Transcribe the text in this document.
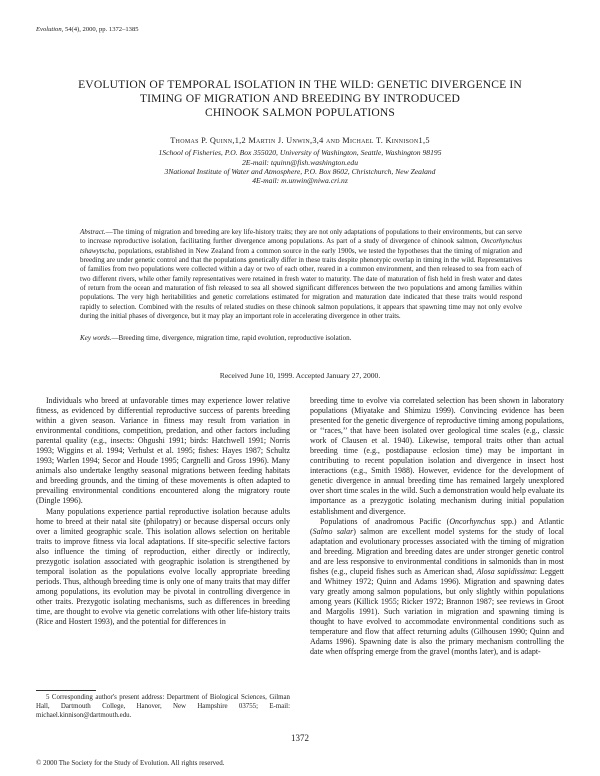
Evolution, 54(4), 2000, pp. 1372–1385
EVOLUTION OF TEMPORAL ISOLATION IN THE WILD: GENETIC DIVERGENCE IN
TIMING OF MIGRATION AND BREEDING BY INTRODUCED
CHINOOK SALMON POPULATIONS
Thomas P. Quinn,1,2 Martin J. Unwin,3,4 and Michael T. Kinnison1,5
1School of Fisheries, P.O. Box 355020, University of Washington, Seattle, Washington 98195
2E-mail: tquinn@fish.washington.edu
3National Institute of Water and Atmosphere, P.O. Box 8602, Christchurch, New Zealand
4E-mail: m.unwin@niwa.cri.nz
Abstract.—The timing of migration and breeding are key life-history traits; they are not only adaptations of populations to their environments, but can serve to increase reproductive isolation, facilitating further divergence among populations. As part of a study of divergence of chinook salmon, Oncorhynchus tshawytscha, populations, established in New Zealand from a common source in the early 1900s, we tested the hypotheses that the timing of migration and breeding are under genetic control and that the populations genetically differ in these traits despite phenotypic overlap in timing in the wild. Representatives of families from two populations were collected within a day or two of each other, reared in a common environment, and then released to sea from each of two different rivers, while other family representatives were retained in fresh water to maturity. The date of maturation of fish held in fresh water and dates of return from the ocean and maturation of fish released to sea all showed significant differences between the two populations and among families within populations. The very high heritabilities and genetic correlations estimated for migration and maturation date indicated that these traits would respond rapidly to selection. Combined with the results of related studies on these chinook salmon populations, it appears that spawning time may not only evolve during the initial phases of divergence, but it may play an important role in accelerating divergence in other traits.
Key words.—Breeding time, divergence, migration time, rapid evolution, reproductive isolation.
Received June 10, 1999. Accepted January 27, 2000.

Individuals who breed at unfavorable times may experience lower relative fitness, as evidenced by differential reproductive success of parents breeding within a given season. Variance in fitness may result from variation in environmental conditions, competition, predation, and other factors including parental quality (e.g., insects: Ohgushi 1991; birds: Hatchwell 1991; Norris 1993; Wiggins et al. 1994; Verhulst et al. 1995; fishes: Hayes 1987; Schultz 1993; Warlen 1994; Secor and Houde 1995; Cargnelli and Gross 1996). Many animals also undertake lengthy seasonal migrations between feeding habitats and breeding grounds, and the timing of these movements is often adapted to prevailing environmental conditions encountered along the migratory route (Dingle 1996).

Many populations experience partial reproductive isolation because adults home to breed at their natal site (philopatry) or because dispersal occurs only over a limited geographic scale. This isolation allows selection on heritable traits to improve fitness via local adaptations. If site-specific selective factors also influence the timing of reproduction, either directly or indirectly, prezygotic isolation associated with geographic isolation is strengthened by temporal isolation as the populations evolve locally appropriate breeding periods. Thus, although breeding time is only one of many traits that may differ among populations, its evolution may be pivotal in controlling divergence in other traits. Prezygotic isolating mechanisms, such as differences in breeding time, are thought to evolve via genetic correlations with other life-history traits (Rice and Hostert 1993), and the potential for differences in

breeding time to evolve via correlated selection has been shown in laboratory populations (Miyatake and Shimizu 1999). Convincing evidence has been presented for the genetic divergence of reproductive timing among populations, or ‘‘races,’’ that have been isolated over geological time scales (e.g., classic work of Clausen et al. 1940). Likewise, temporal traits other than actual breeding time (e.g., postdiapause eclosion time) may be important in contributing to recent population isolation and divergence in insect host interactions (e.g., Smith 1988). However, evidence for the development of genetic divergence in annual breeding time has remained largely unexplored over short time scales in the wild. Such a demonstration would help evaluate its importance as a prezygotic isolating mechanism during initial population establishment and divergence.

Populations of anadromous Pacific (Oncorhynchus spp.) and Atlantic (Salmo salar) salmon are excellent model systems for the study of local adaptation and evolutionary processes associated with the timing of migration and breeding. Migration and breeding dates are under stronger genetic control and are less responsive to environmental conditions in salmonids than in most fishes (e.g., clupeid fishes such as American shad, Alosa sapidissima: Leggett and Whitney 1972; Quinn and Adams 1996). Migration and spawning dates vary greatly among salmon populations, but only slightly within populations among years (Killick 1955; Ricker 1972; Brannon 1987; see reviews in Groot and Margolis 1991). Such variation in migration and spawning timing is thought to have evolved to accommodate environmental conditions such as temperature and flow that affect returning adults (Gilhousen 1990; Quinn and Adams 1996). Spawning date is also the primary mechanism controlling the date when offspring emerge from the gravel (months later), and is adapt-

5 Corresponding author's present address: Department of Biological Sciences, Gilman Hall, Dartmouth College, Hanover, New Hampshire 03755; E-mail: michael.kinnison@dartmouth.edu.
1372
© 2000 The Society for the Study of Evolution. All rights reserved.
